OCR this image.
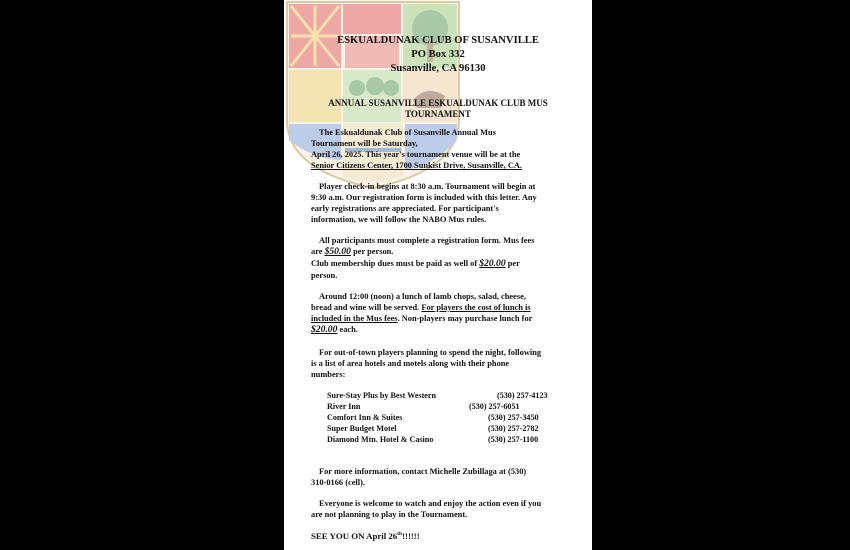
ESKUALDUNAK CLUB OF SUSANVILLE
PO Box 332
Susanville, CA 96130
ANNUAL SUSANVILLE ESKUALDUNAK CLUB MUS
TOURNAMENT
The Eskualdunak Club of Susanville Annual Mus
Tournament will be Saturday,
April 26, 2025. This year's tournament venue will be at the
Senior Citizens Center, 1700 Sunkist Drive, Susanville, CA.
Player check-in begins at 8:30 a.m. Tournament will begin at
9:30 a.m. Our registration form is included with this letter. Any
early registrations are appreciated. For participant's
information, we will follow the NABO Mus rules.
All participants must complete a registration form. Mus fees
are $50.00 per person.
Club membership dues must be paid as well of $20.00 per
person.
Around 12:00 (noon) a lunch of lamb chops, salad, cheese,
bread and wine will be served. For players the cost of lunch is
included in the Mus fees. Non-players may purchase lunch for
$20.00 each.
For out-of-town players planning to spend the night, following
is a list of area hotels and motels along with their phone
numbers:
Sure-Stay Plus by Best Western	(530) 257-4123
River Inn	(530) 257-6051
Comfort Inn & Suites	(530) 257-3450
Super Budget Motel	(530) 257-2782
Diamond Mtn. Hotel & Casino	(530) 257-1100
For more information, contact Michelle Zubillaga at (530)
310-0166 (cell).
Everyone is welcome to watch and enjoy the action even if you
are not planning to play in the Tournament.
SEE YOU ON April 26th!!!!!!
